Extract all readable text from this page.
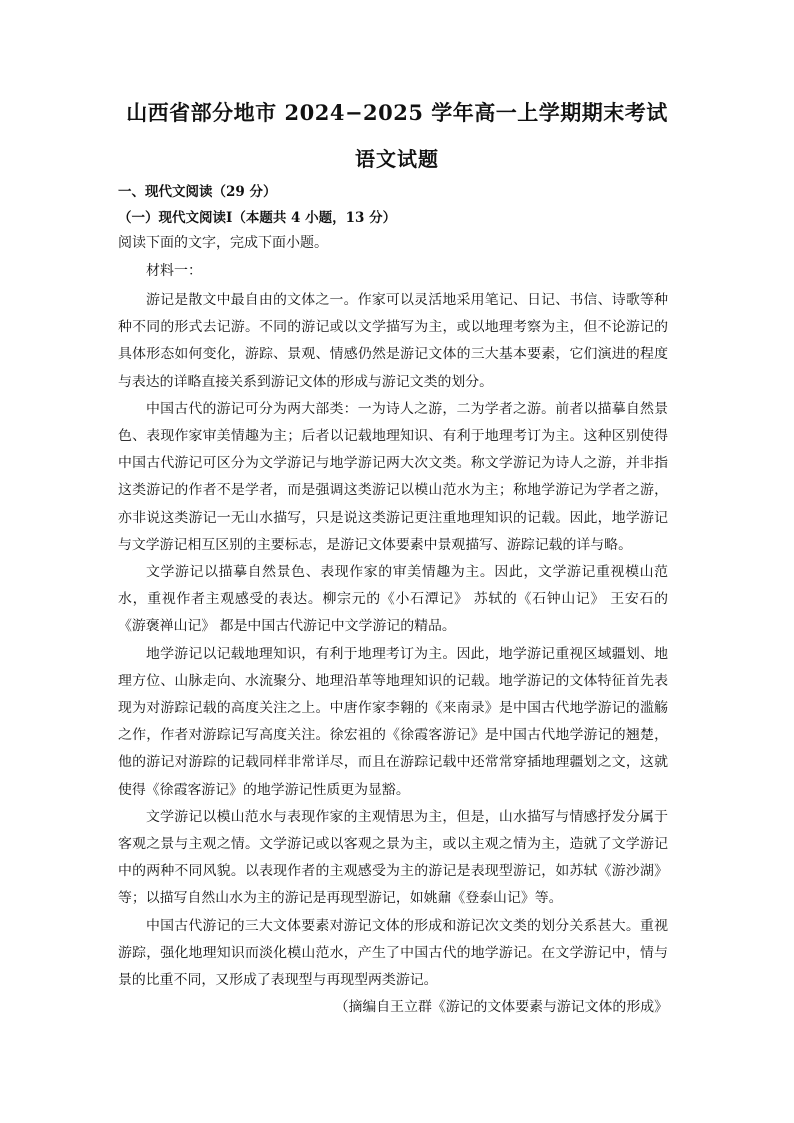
山西省部分地市 2024−2025 学年高一上学期期末考试
语文试题
一、现代文阅读（29 分）
（一）现代文阅读Ⅰ（本题共 4 小题，13 分）
阅读下面的文字，完成下面小题。
材料一：

游记是散文中最自由的文体之一。作家可以灵活地采用笔记、日记、书信、诗歌等种种不同的形式去记游。不同的游记或以文学描写为主，或以地理考察为主，但不论游记的具体形态如何变化，游踪、景观、情感仍然是游记文体的三大基本要素，它们演进的程度与表达的详略直接关系到游记文体的形成与游记文类的划分。

中国古代的游记可分为两大部类：一为诗人之游，二为学者之游。前者以描摹自然景色、表现作家审美情趣为主；后者以记载地理知识、有利于地理考订为主。这种区别使得中国古代游记可区分为文学游记与地学游记两大次文类。称文学游记为诗人之游，并非指这类游记的作者不是学者，而是强调这类游记以模山范水为主；称地学游记为学者之游，亦非说这类游记一无山水描写，只是说这类游记更注重地理知识的记载。因此，地学游记与文学游记相互区别的主要标志，是游记文体要素中景观描写、游踪记载的详与略。

文学游记以描摹自然景色、表现作家的审美情趣为主。因此，文学游记重视模山范水，重视作者主观感受的表达。柳宗元的《小石潭记》 苏轼的《石钟山记》 王安石的《游褒禅山记》 都是中国古代游记中文学游记的精品。

地学游记以记载地理知识，有利于地理考订为主。因此，地学游记重视区域疆划、地理方位、山脉走向、水流聚分、地理沿革等地理知识的记载。地学游记的文体特征首先表现为对游踪记载的高度关注之上。中唐作家李翱的《来南录》是中国古代地学游记的滥觞之作，作者对游踪记写高度关注。徐宏祖的《徐霞客游记》是中国古代地学游记的翘楚，他的游记对游踪的记载同样非常详尽，而且在游踪记载中还常常穿插地理疆划之文，这就使得《徐霞客游记》的地学游记性质更为显豁。

文学游记以模山范水与表现作家的主观情思为主，但是，山水描写与情感抒发分属于客观之景与主观之情。文学游记或以客观之景为主，或以主观之情为主，造就了文学游记中的两种不同风貌。以表现作者的主观感受为主的游记是表现型游记，如苏轼《游沙湖》等；以描写自然山水为主的游记是再现型游记，如姚鼐《登泰山记》等。

中国古代游记的三大文体要素对游记文体的形成和游记次文类的划分关系甚大。重视游踪，强化地理知识而淡化模山范水，产生了中国古代的地学游记。在文学游记中，情与景的比重不同，又形成了表现型与再现型两类游记。

（摘编自王立群《游记的文体要素与游记文体的形成》
